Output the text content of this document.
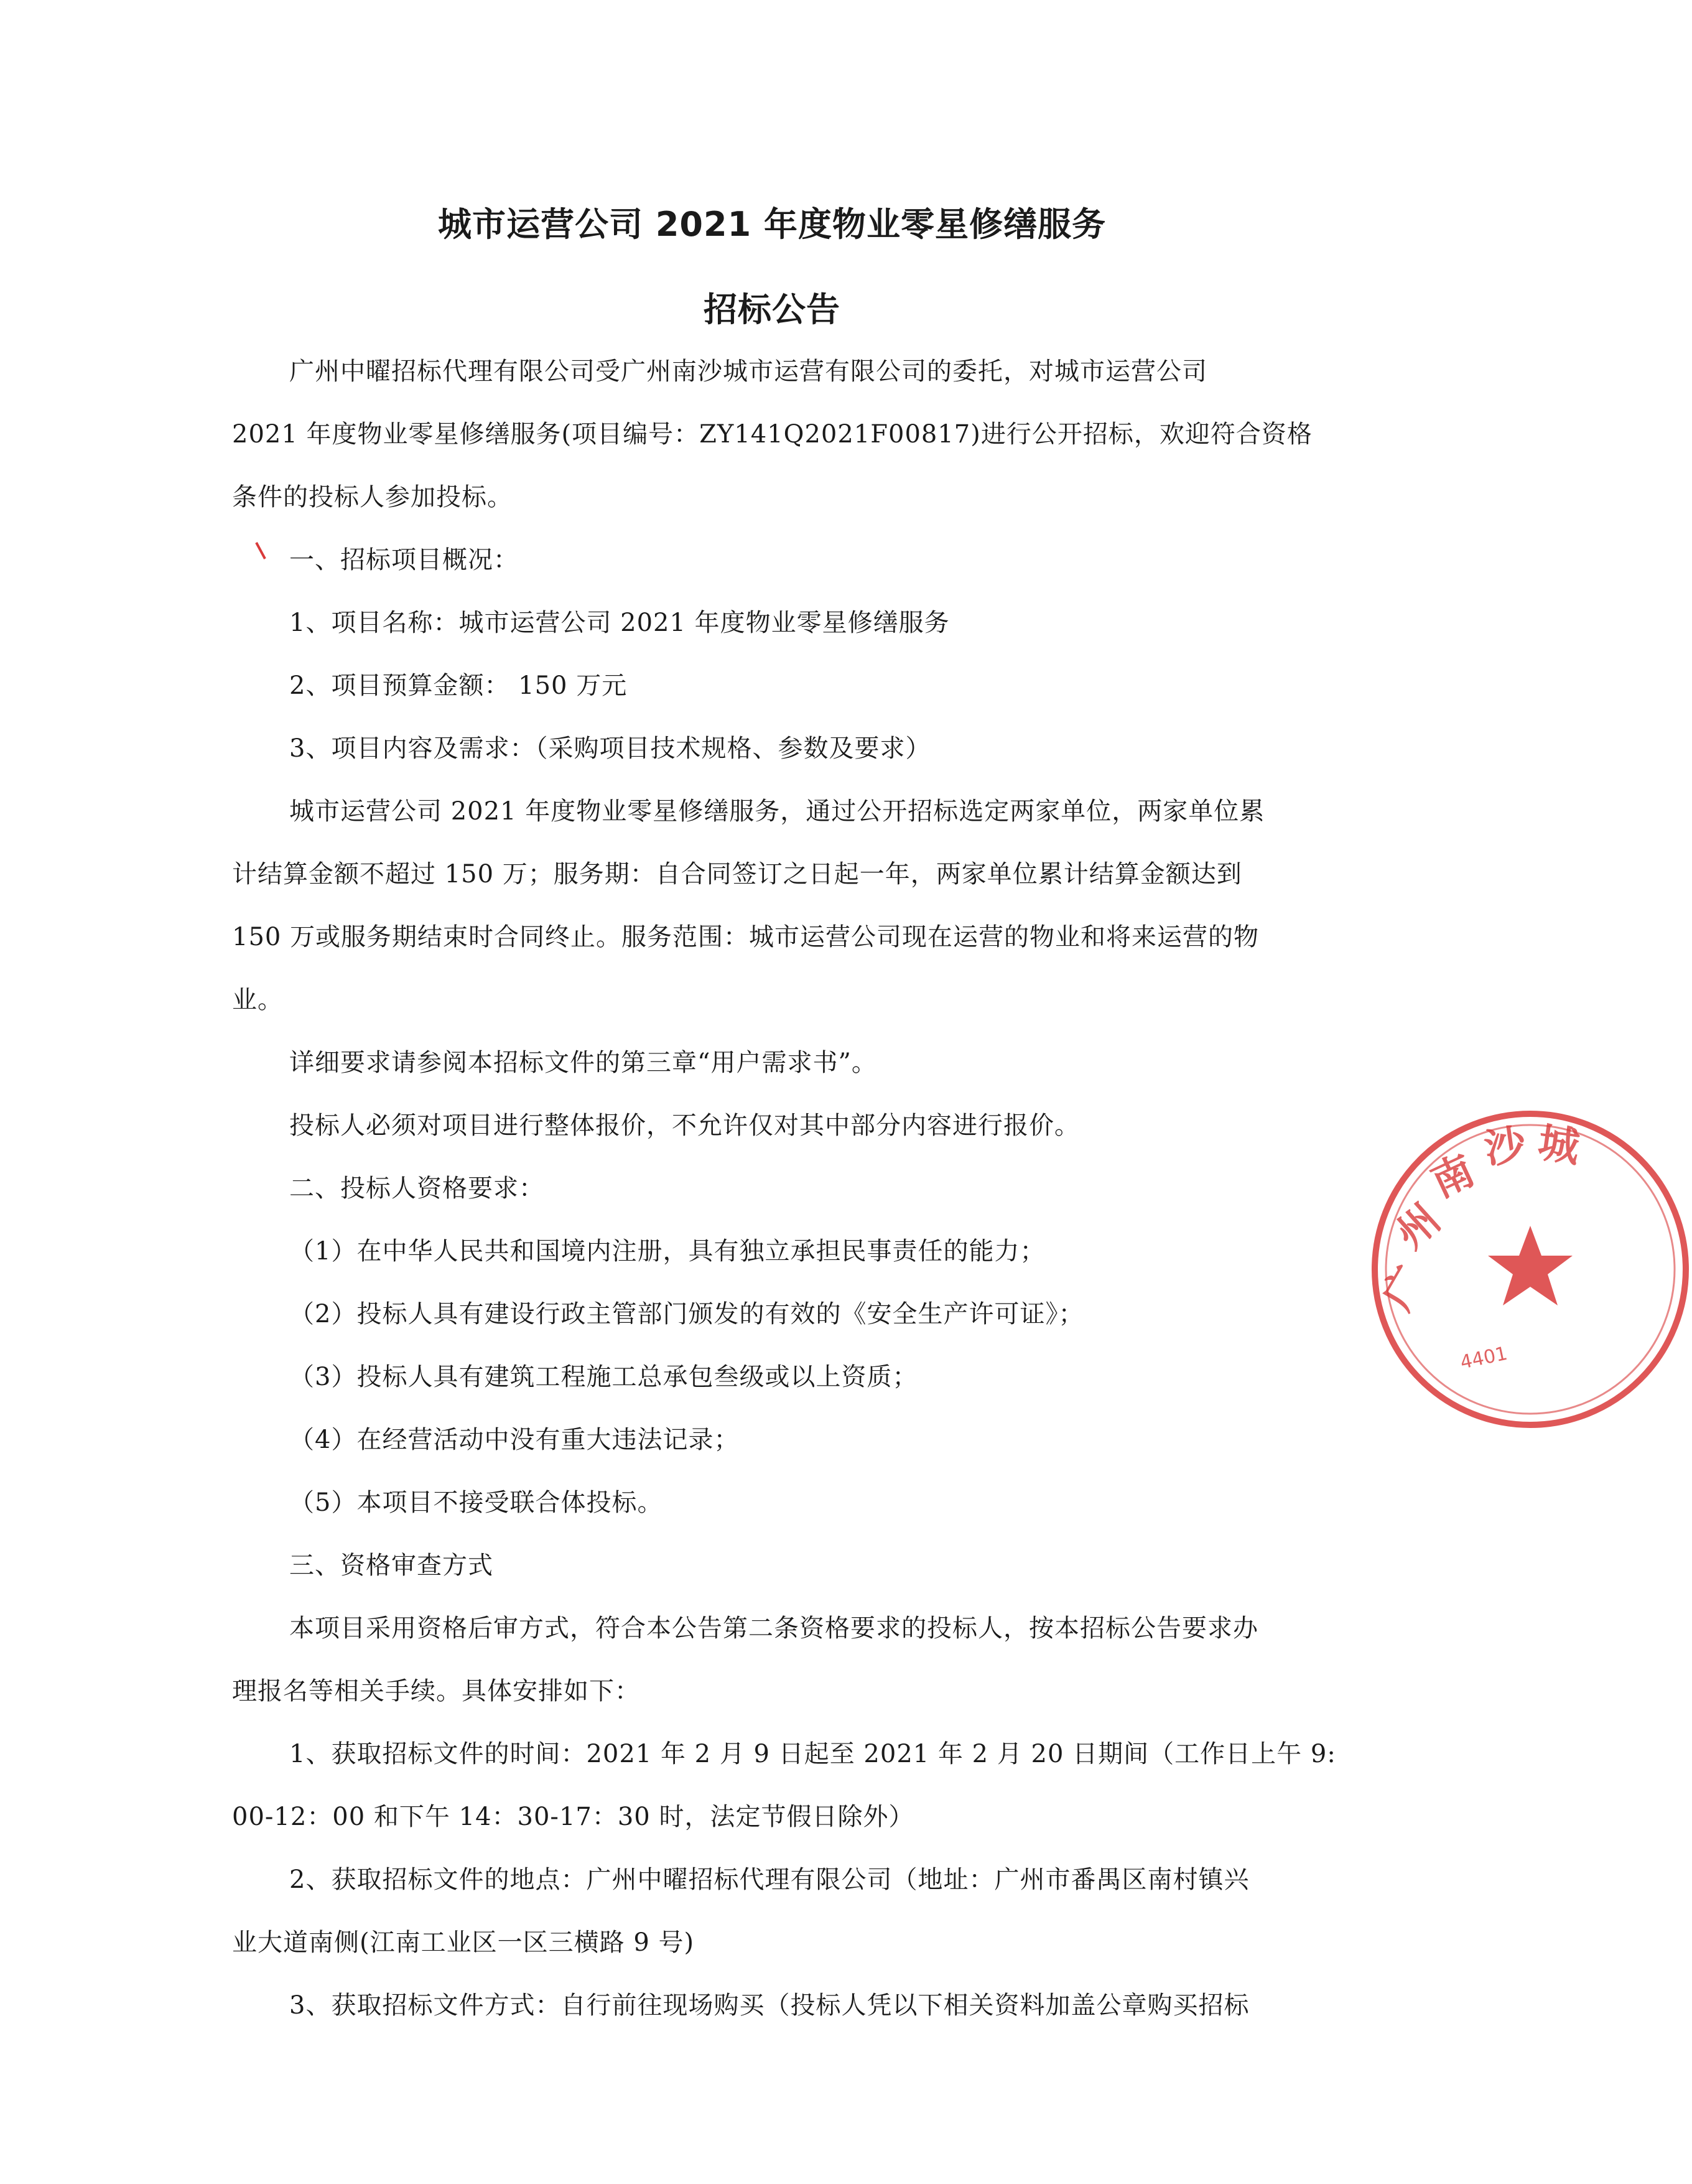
城市运营公司 2021 年度物业零星修缮服务
招标公告
广州中曜招标代理有限公司受广州南沙城市运营有限公司的委托，对城市运营公司
2021 年度物业零星修缮服务(项目编号：ZY141Q2021F00817)进行公开招标，欢迎符合资格
条件的投标人参加投标。
一、招标项目概况：
1、项目名称：城市运营公司 2021 年度物业零星修缮服务
2、项目预算金额： 150 万元
3、项目内容及需求：（采购项目技术规格、参数及要求）
城市运营公司 2021 年度物业零星修缮服务，通过公开招标选定两家单位，两家单位累
计结算金额不超过 150 万；服务期：自合同签订之日起一年，两家单位累计结算金额达到
150 万或服务期结束时合同终止。服务范围：城市运营公司现在运营的物业和将来运营的物
业。
详细要求请参阅本招标文件的第三章“用户需求书”。
投标人必须对项目进行整体报价，不允许仅对其中部分内容进行报价。
二、投标人资格要求：
（1）在中华人民共和国境内注册，具有独立承担民事责任的能力；
（2）投标人具有建设行政主管部门颁发的有效的《安全生产许可证》；
（3）投标人具有建筑工程施工总承包叁级或以上资质；
（4）在经营活动中没有重大违法记录；
（5）本项目不接受联合体投标。
三、资格审查方式
本项目采用资格后审方式，符合本公告第二条资格要求的投标人，按本招标公告要求办
理报名等相关手续。具体安排如下：
1、获取招标文件的时间：2021 年 2 月 9 日起至 2021 年 2 月 20 日期间（工作日上午 9:
00-12：00 和下午 14：30-17：30 时，法定节假日除外）
2、获取招标文件的地点：广州中曜招标代理有限公司（地址：广州市番禺区南村镇兴
业大道南侧(江南工业区一区三横路 9 号)
3、获取招标文件方式：自行前往现场购买（投标人凭以下相关资料加盖公章购买招标
广
州
南 沙 城
4401
